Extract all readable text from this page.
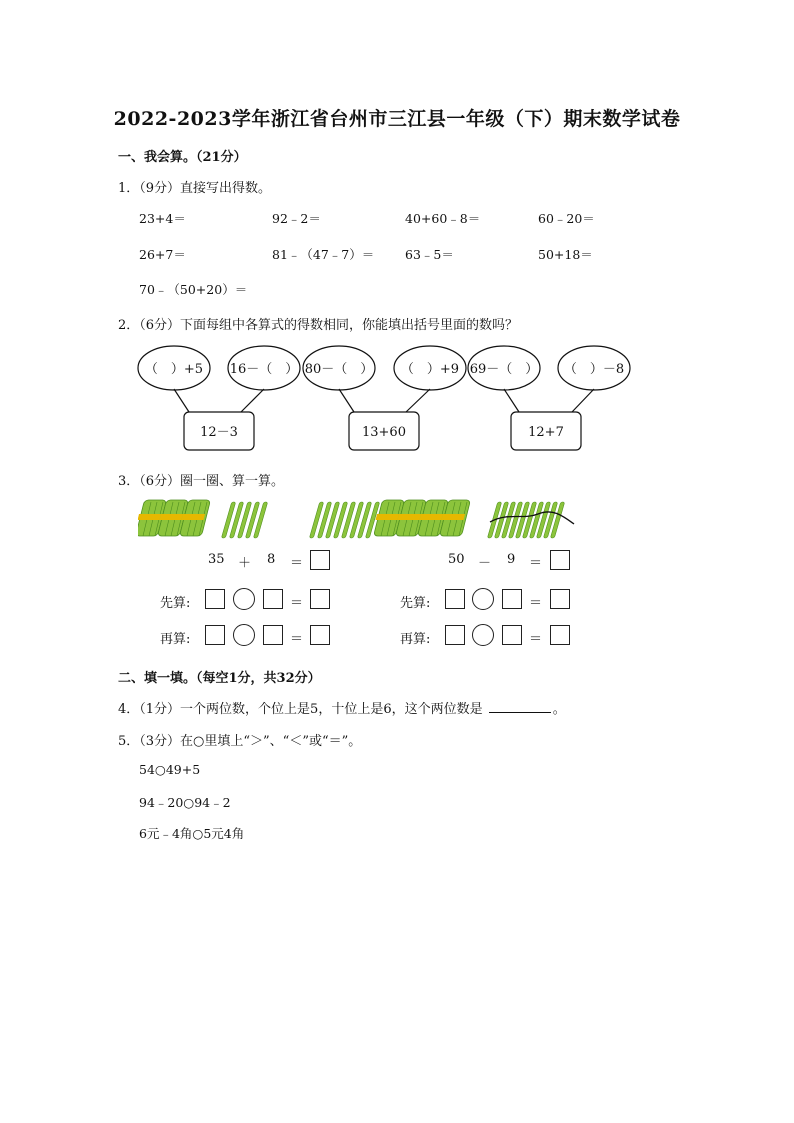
2022-2023学年浙江省台州市三江县一年级（下）期末数学试卷
一、我会算。（21分）
1．（9分）直接写出得数。
23+4＝	92﹣2＝	40+60﹣8＝	60﹣20＝
26+7＝	81﹣（47﹣7）＝ 63﹣5＝	50+18＝
70﹣（50+20）＝
2．（6分）下面每组中各算式的得数相同，你能填出括号里面的数吗？
（　）+5 16－（　） 80－（　） （　）+9 69－（　） （　）－8
12－3	13+60	12+7
3．（6分）圈一圈、算一算。
35 ＋ 8 ＝
先算:	＝
再算:	＝
50 － 9 ＝
先算:	＝
再算:	＝
二、填一填。（每空1分，共32分）
4．（1分）一个两位数，个位上是5，十位上是6，这个两位数是	。
5．（3分）在○里填上“＞”、“＜”或“＝”。
54○49+5
94﹣20○94﹣2
6元﹣4角○5元4角
